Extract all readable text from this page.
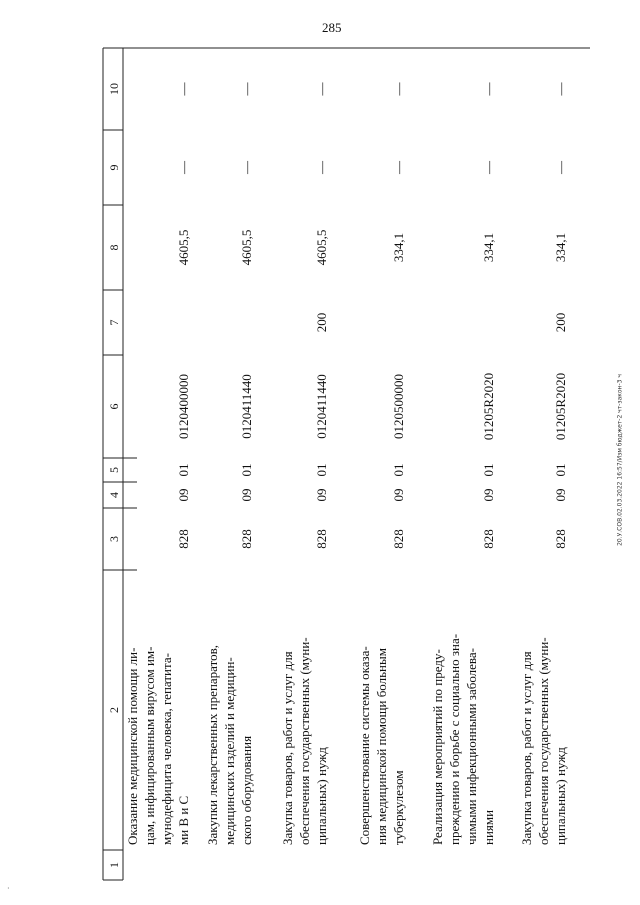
285
20.У.СОВ.02.03.2022 16:57/Изм бюджет-2 чт-закон-3 ч
·
1
2
3
4
5
6
7
8
9
10
Оказание медицинской помощи ли- цам, инфицированным вирусом им- мунодефицита человека, гепатита- ми В и С
828
09
01
0120400000
4605,5
—
—
Закупки лекарственных препаратов, медицинских изделий и медицин- ского оборудования
828
09
01
0120411440
4605,5
—
—
Закупка товаров, работ и услуг для обеспечения государственных (муни- ципальных) нужд
828
09
01
0120411440
200
4605,5
—
—
Совершенствование системы оказа- ния медицинской помощи больным туберкулезом
828
09
01
0120500000
334,1
—
—
Реализация мероприятий по преду- преждению и борьбе с социально зна- чимыми инфекционными заболева- ниями
828
09
01
01205R2020
334,1
—
—
Закупка товаров, работ и услуг для обеспечения государственных (муни- ципальных) нужд
828
09
01
01205R2020
200
334,1
—
—
